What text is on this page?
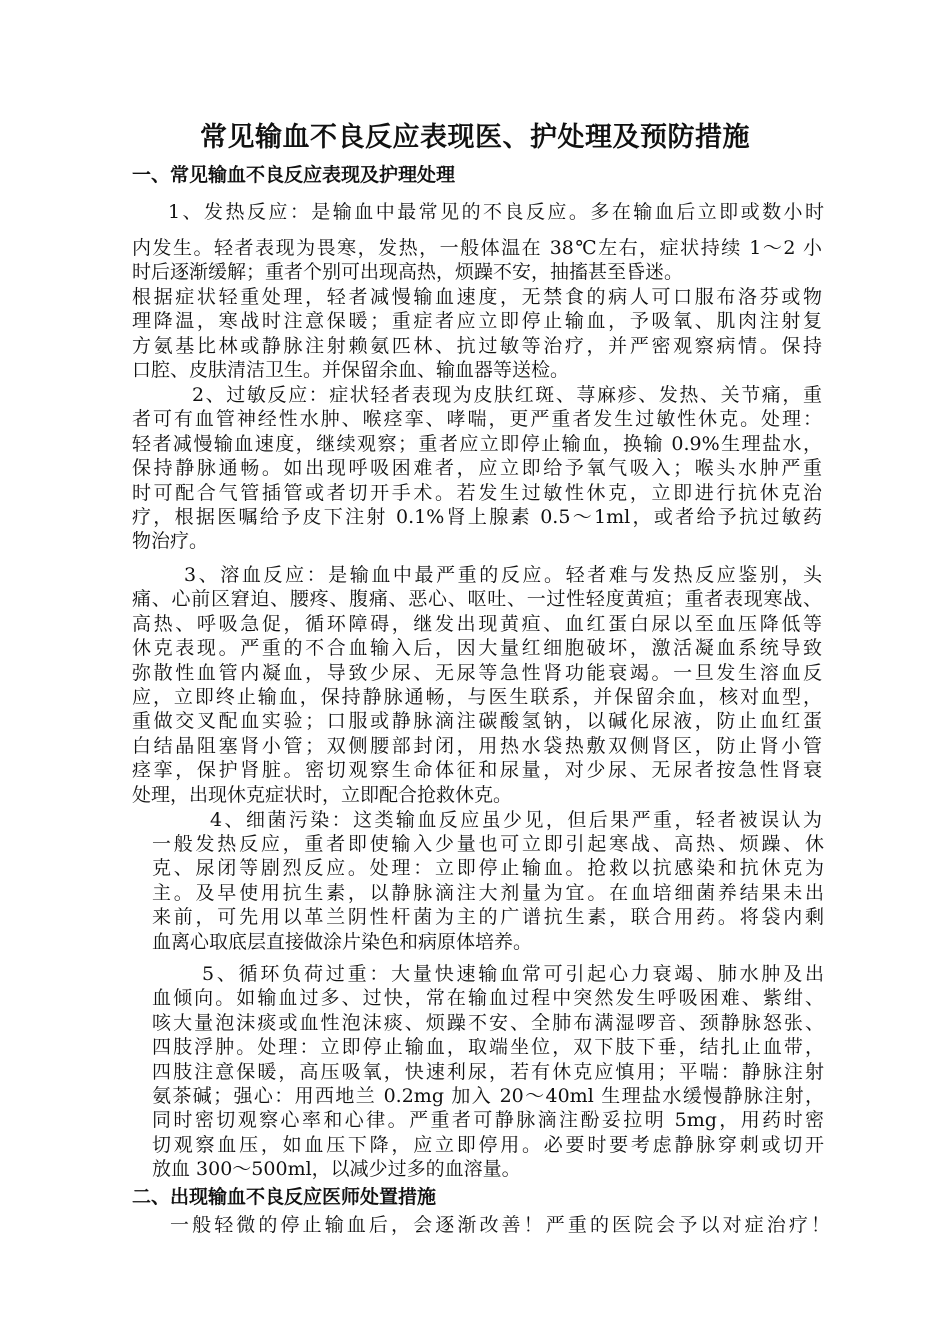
常见输血不良反应表现医、护处理及预防措施
一、常见输血不良反应表现及护理处理
1、发热反应：是输血中最常见的不良反应。多在输血后立即或数小时
内发生。轻者表现为畏寒，发热，一般体温在 38℃左右，症状持续 1～2 小
时后逐渐缓解；重者个别可出现高热，烦躁不安，抽搐甚至昏迷。
根据症状轻重处理，轻者减慢输血速度，无禁食的病人可口服布洛芬或物
理降温，寒战时注意保暖；重症者应立即停止输血，予吸氧、肌肉注射复
方氨基比林或静脉注射赖氨匹林、抗过敏等治疗，并严密观察病情。保持
口腔、皮肤清洁卫生。并保留余血、输血器等送检。
2、过敏反应：症状轻者表现为皮肤红斑、荨麻疹、发热、关节痛，重
者可有血管神经性水肿、喉痉挛、哮喘，更严重者发生过敏性休克。处理：
轻者减慢输血速度，继续观察；重者应立即停止输血，换输 0.9%生理盐水，
保持静脉通畅。如出现呼吸困难者，应立即给予氧气吸入；喉头水肿严重
时可配合气管插管或者切开手术。若发生过敏性休克，立即进行抗休克治
疗，根据医嘱给予皮下注射 0.1%肾上腺素 0.5～1ml，或者给予抗过敏药
物治疗。
3、溶血反应：是输血中最严重的反应。轻者难与发热反应鉴别，头
痛、心前区窘迫、腰疼、腹痛、恶心、呕吐、一过性轻度黄疸；重者表现寒战、
高热、呼吸急促，循环障碍，继发出现黄疸、血红蛋白尿以至血压降低等
休克表现。严重的不合血输入后，因大量红细胞破坏，激活凝血系统导致
弥散性血管内凝血，导致少尿、无尿等急性肾功能衰竭。一旦发生溶血反
应，立即终止输血，保持静脉通畅，与医生联系，并保留余血，核对血型，
重做交叉配血实验；口服或静脉滴注碳酸氢钠，以碱化尿液，防止血红蛋
白结晶阻塞肾小管；双侧腰部封闭，用热水袋热敷双侧肾区，防止肾小管
痉挛，保护肾脏。密切观察生命体征和尿量，对少尿、无尿者按急性肾衰
处理，出现休克症状时，立即配合抢救休克。
4、细菌污染：这类输血反应虽少见，但后果严重，轻者被误认为
一般发热反应，重者即使输入少量也可立即引起寒战、高热、烦躁、休
克、尿闭等剧烈反应。处理：立即停止输血。抢救以抗感染和抗休克为
主。及早使用抗生素，以静脉滴注大剂量为宜。在血培细菌养结果未出
来前，可先用以革兰阴性杆菌为主的广谱抗生素，联合用药。将袋内剩
血离心取底层直接做涂片染色和病原体培养。
5、循环负荷过重：大量快速输血常可引起心力衰竭、肺水肿及出
血倾向。如输血过多、过快，常在输血过程中突然发生呼吸困难、紫绀、
咳大量泡沫痰或血性泡沫痰、烦躁不安、全肺布满湿啰音、颈静脉怒张、
四肢浮肿。处理：立即停止输血，取端坐位，双下肢下垂，结扎止血带，
四肢注意保暖，高压吸氧，快速利尿，若有休克应慎用；平喘：静脉注射
氨茶碱；强心：用西地兰 0.2mg 加入 20～40ml 生理盐水缓慢静脉注射，
同时密切观察心率和心律。严重者可静脉滴注酚妥拉明 5mg，用药时密
切观察血压，如血压下降，应立即停用。必要时要考虑静脉穿刺或切开
放血 300～500ml，以减少过多的血溶量。
二、出现输血不良反应医师处置措施
一般轻微的停止输血后，会逐渐改善！严重的医院会予以对症治疗！
